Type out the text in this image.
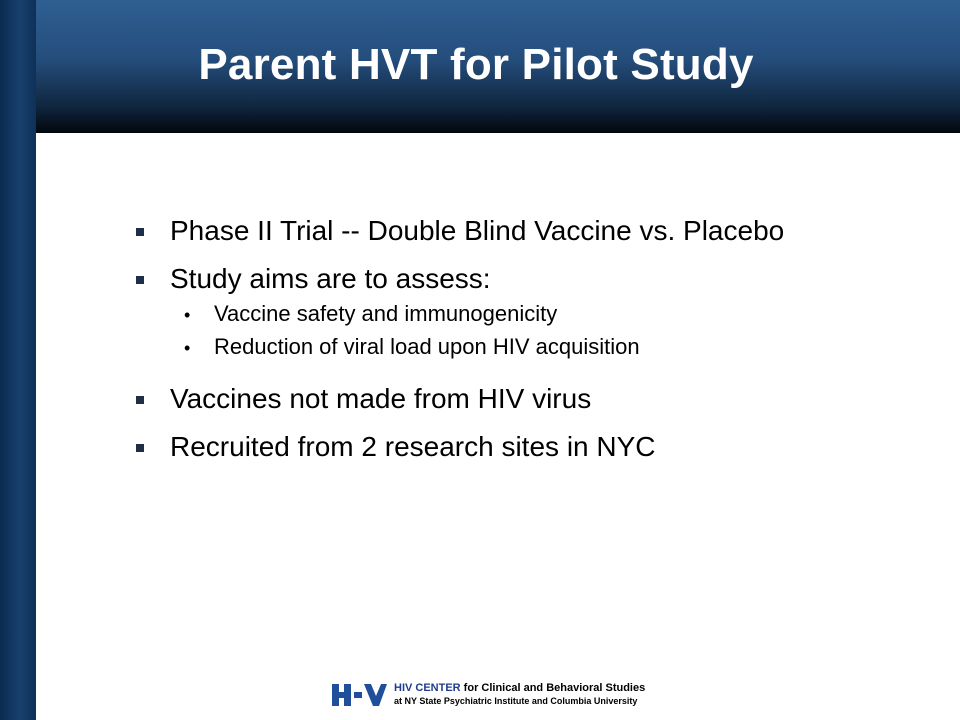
Parent HVT for Pilot Study
Phase II Trial -- Double Blind Vaccine vs. Placebo
Study aims are to assess:
•	Vaccine safety and immunogenicity
•	Reduction of viral load upon HIV acquisition
Vaccines not made from HIV virus
Recruited from 2 research sites in NYC
HIV CENTER for Clinical and Behavioral Studies
at NY State Psychiatric Institute and Columbia University
